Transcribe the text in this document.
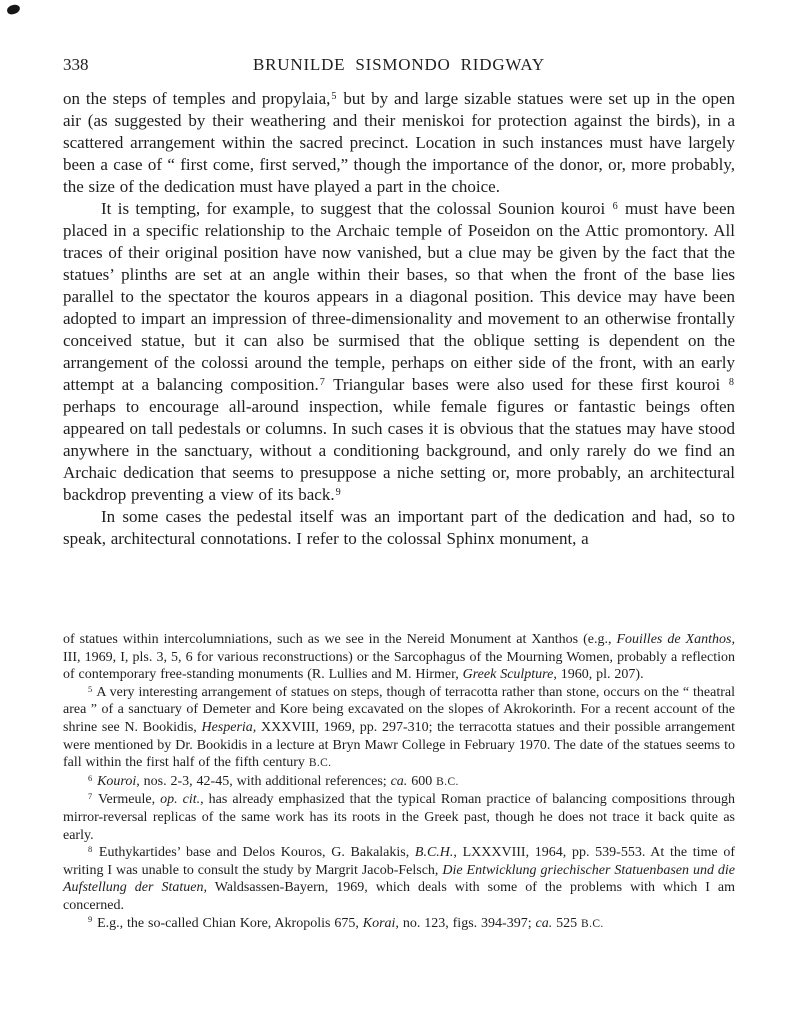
338	BRUNILDE SISMONDO RIDGWAY

on the steps of temples and propylaia,$^5$ but by and large sizable statues were set up in the open air (as suggested by their weathering and their meniskoi for protection against the birds), in a scattered arrangement within the sacred precinct. Location in such instances must have largely been a case of “ first come, first served,” though the importance of the donor, or, more probably, the size of the dedication must have played a part in the choice.

It is tempting, for example, to suggest that the colossal Sounion kouroi $^6$ must have been placed in a specific relationship to the Archaic temple of Poseidon on the Attic promontory. All traces of their original position have now vanished, but a clue may be given by the fact that the statues’ plinths are set at an angle within their bases, so that when the front of the base lies parallel to the spectator the kouros appears in a diagonal position. This device may have been adopted to impart an impression of three-dimensionality and movement to an otherwise frontally conceived statue, but it can also be surmised that the oblique setting is dependent on the arrangement of the colossi around the temple, perhaps on either side of the front, with an early attempt at a balancing composition.$^7$ Triangular bases were also used for these first kouroi $^8$ perhaps to encourage all-around inspection, while female figures or fantastic beings often appeared on tall pedestals or columns. In such cases it is obvious that the statues may have stood anywhere in the sanctuary, without a conditioning background, and only rarely do we find an Archaic dedication that seems to presuppose a niche setting or, more probably, an architectural backdrop preventing a view of its back.$^9$

In some cases the pedestal itself was an important part of the dedication and had, so to speak, architectural connotations. I refer to the colossal Sphinx monument, a

of statues within intercolumniations, such as we see in the Nereid Monument at Xanthos (e.g., Fouilles de Xanthos, III, 1969, I, pls. 3, 5, 6 for various reconstructions) or the Sarcophagus of the Mourning Women, probably a reflection of contemporary free-standing monuments (R. Lullies and M. Hirmer, Greek Sculpture, 1960, pl. 207).

$^5$ A very interesting arrangement of statues on steps, though of terracotta rather than stone, occurs on the “ theatral area ” of a sanctuary of Demeter and Kore being excavated on the slopes of Akrokorinth. For a recent account of the shrine see N. Bookidis, Hesperia, XXXVIII, 1969, pp. 297-310; the terracotta statues and their possible arrangement were mentioned by Dr. Bookidis in a lecture at Bryn Mawr College in February 1970. The date of the statues seems to fall within the first half of the fifth century B.C.

$^6$ Kouroi, nos. 2-3, 42-45, with additional references; ca. 600 B.C.

$^7$ Vermeule, op. cit., has already emphasized that the typical Roman practice of balancing compositions through mirror-reversal replicas of the same work has its roots in the Greek past, though he does not trace it back quite as early.

$^8$ Euthykartides’ base and Delos Kouros, G. Bakalakis, B.C.H., LXXXVIII, 1964, pp. 539-553. At the time of writing I was unable to consult the study by Margrit Jacob-Felsch, Die Entwicklung griechischer Statuenbasen und die Aufstellung der Statuen, Waldsassen-Bayern, 1969, which deals with some of the problems with which I am concerned.

$^9$ E.g., the so-called Chian Kore, Akropolis 675, Korai, no. 123, figs. 394-397; ca. 525 B.C.
